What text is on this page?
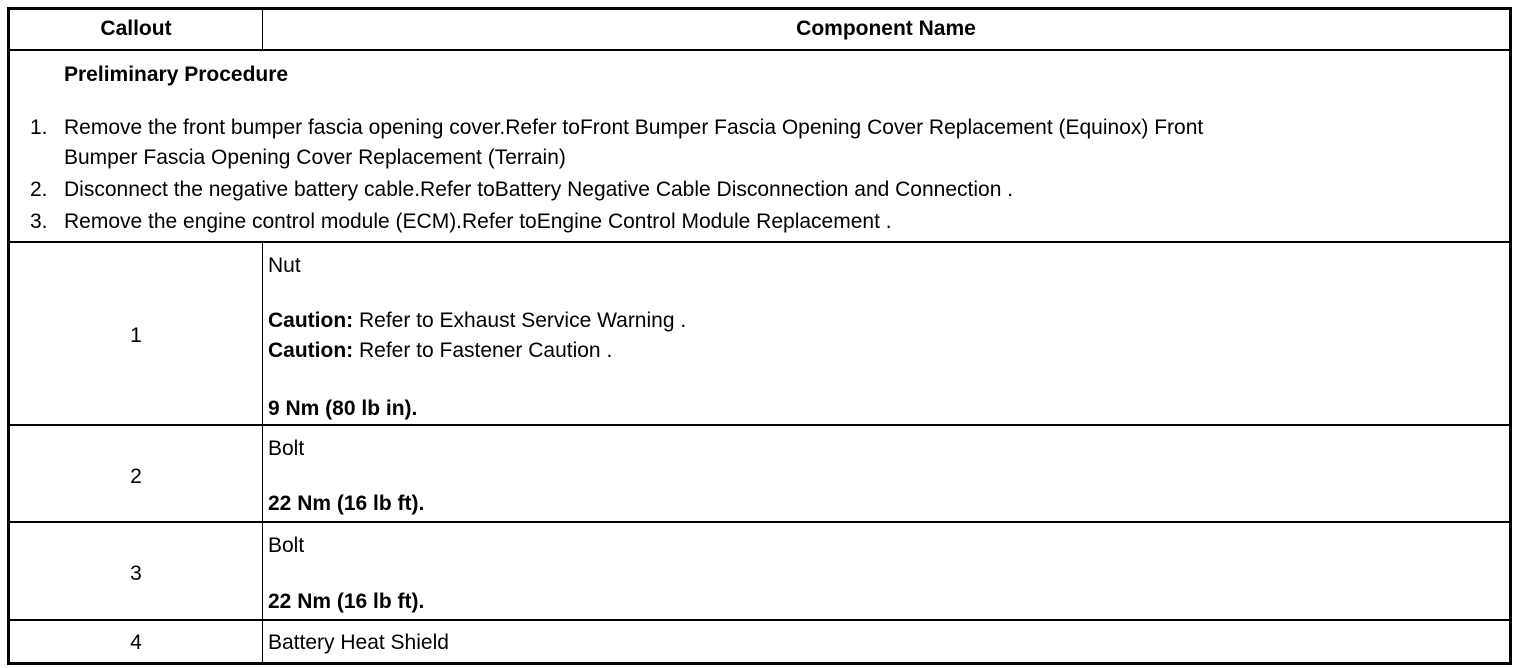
Callout	Component Name
Preliminary Procedure
1. Remove the front bumper fascia opening cover.Refer toFront Bumper Fascia Opening Cover Replacement (Equinox) Front
Bumper Fascia Opening Cover Replacement (Terrain)
2. Disconnect the negative battery cable.Refer toBattery Negative Cable Disconnection and Connection .
3. Remove the engine control module (ECM).Refer toEngine Control Module Replacement .
1
Nut
Caution: Refer to Exhaust Service Warning .
Caution: Refer to Fastener Caution .
9 Nm (80 lb in).
2
Bolt
22 Nm (16 lb ft).
3
Bolt
22 Nm (16 lb ft).
4	Battery Heat Shield
